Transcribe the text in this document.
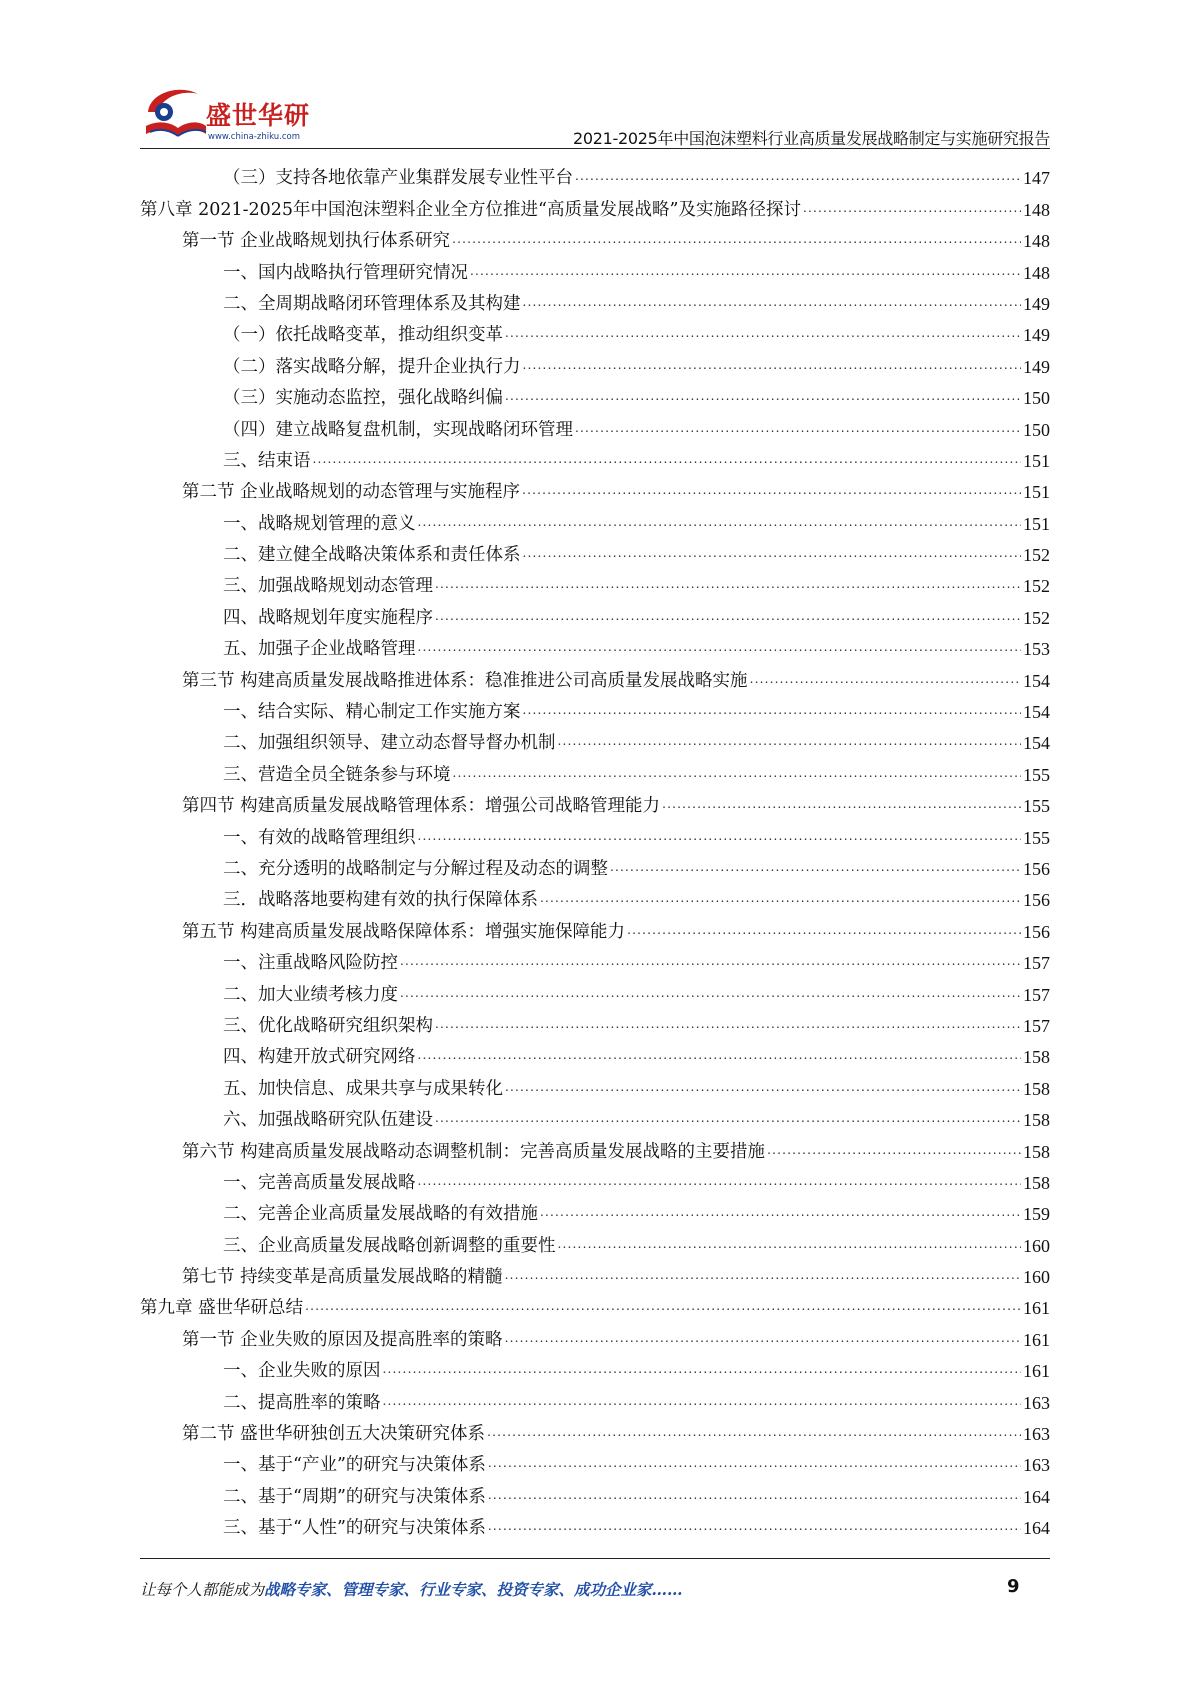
盛世华研
www.china-zhiku.com	2021-2025年中国泡沫塑料行业高质量发展战略制定与实施研究报告
（三）支持各地依靠产业集群发展专业性平台 .....	147
第八章 2021-2025年中国泡沫塑料企业全方位推进“高质量发展战略”及实施路径探讨 .....	148
第一节 企业战略规划执行体系研究 .....	148
一、国内战略执行管理研究情况 .....	148
二、全周期战略闭环管理体系及其构建 .....	149
（一）依托战略变革，推动组织变革 .....	149
（二）落实战略分解，提升企业执行力 .....	149
（三）实施动态监控，强化战略纠偏 .....	150
（四）建立战略复盘机制，实现战略闭环管理 .....	150
三、结束语 .....	151
第二节 企业战略规划的动态管理与实施程序 .....	151
一、战略规划管理的意义 .....	151
二、建立健全战略决策体系和责任体系 .....	152
三、加强战略规划动态管理 .....	152
四、战略规划年度实施程序 .....	152
五、加强子企业战略管理 .....	153
第三节 构建高质量发展战略推进体系：稳准推进公司高质量发展战略实施 .....	154
一、结合实际、精心制定工作实施方案 .....	154
二、加强组织领导、建立动态督导督办机制 .....	154
三、营造全员全链条参与环境 .....	155
第四节 构建高质量发展战略管理体系：增强公司战略管理能力 .....	155
一、有效的战略管理组织 .....	155
二、充分透明的战略制定与分解过程及动态的调整 .....	156
三．战略落地要构建有效的执行保障体系 .....	156
第五节 构建高质量发展战略保障体系：增强实施保障能力 .....	156
一、注重战略风险防控 .....	157
二、加大业绩考核力度 .....	157
三、优化战略研究组织架构 .....	157
四、构建开放式研究网络 .....	158
五、加快信息、成果共享与成果转化 .....	158
六、加强战略研究队伍建设 .....	158
第六节 构建高质量发展战略动态调整机制：完善高质量发展战略的主要措施 .....	158
一、完善高质量发展战略 .....	158
二、完善企业高质量发展战略的有效措施 .....	159
三、企业高质量发展战略创新调整的重要性 .....	160
第七节 持续变革是高质量发展战略的精髓 .....	160
第九章 盛世华研总结 .....	161
第一节 企业失败的原因及提高胜率的策略 .....	161
一、企业失败的原因 .....	161
二、提高胜率的策略 .....	163
第二节 盛世华研独创五大决策研究体系 .....	163
一、基于“产业”的研究与决策体系 .....	163
二、基于“周期”的研究与决策体系 .....	164
三、基于“人性”的研究与决策体系 .....	164
让每个人都能成为战略专家、管理专家、行业专家、投资专家、成功企业家……	9
